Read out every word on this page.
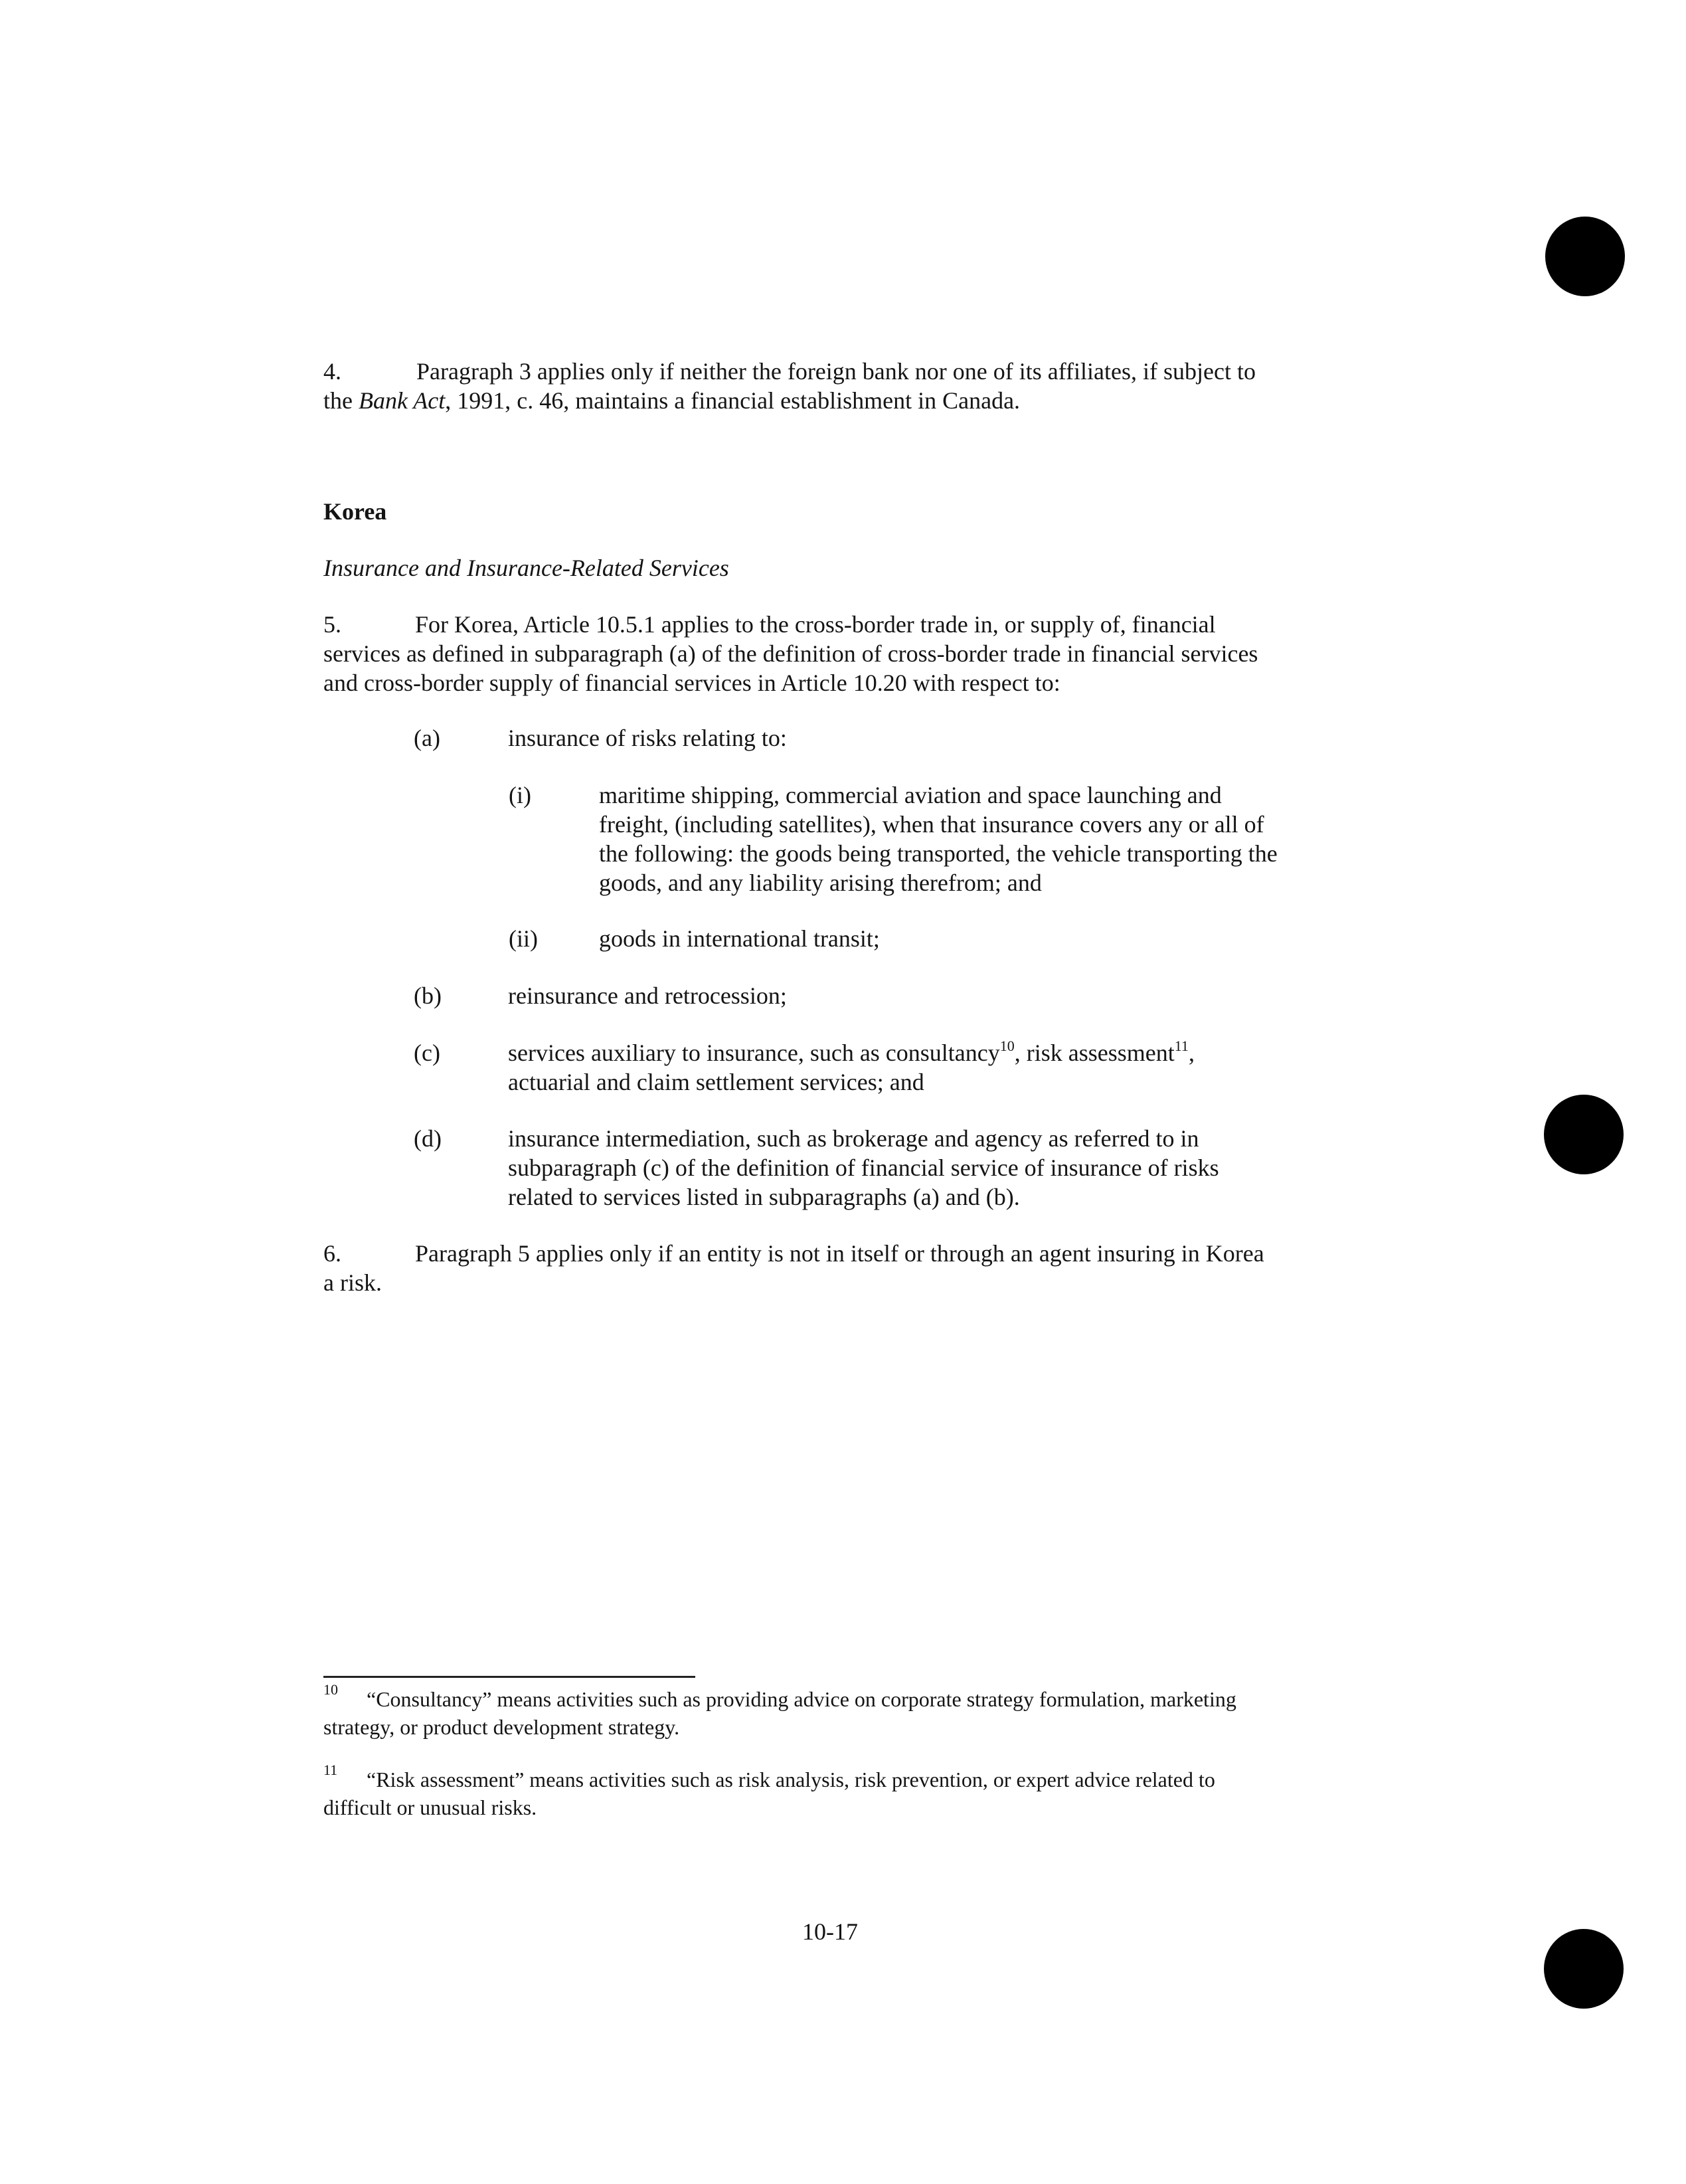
4.	Paragraph 3 applies only if neither the foreign bank nor one of its affiliates, if subject to
the Bank Act, 1991, c. 46, maintains a financial establishment in Canada.
Korea
Insurance and Insurance-Related Services
5.	For Korea, Article 10.5.1 applies to the cross-border trade in, or supply of, financial
services as defined in subparagraph (a) of the definition of cross-border trade in financial services
and cross-border supply of financial services in Article 10.20 with respect to:
(a)	insurance of risks relating to:
(i)	maritime shipping, commercial aviation and space launching and
freight, (including satellites), when that insurance covers any or all of
the following: the goods being transported, the vehicle transporting the
goods, and any liability arising therefrom; and
(ii)	goods in international transit;
(b)	reinsurance and retrocession;
(c)	services auxiliary to insurance, such as consultancy$^{10}$, risk assessment$^{11}$,
actuarial and claim settlement services; and
(d)	insurance intermediation, such as brokerage and agency as referred to in
subparagraph (c) of the definition of financial service of insurance of risks
related to services listed in subparagraphs (a) and (b).
6.	Paragraph 5 applies only if an entity is not in itself or through an agent insuring in Korea
a risk.
10 “Consultancy” means activities such as providing advice on corporate strategy formulation, marketing
strategy, or product development strategy.
11 “Risk assessment” means activities such as risk analysis, risk prevention, or expert advice related to
difficult or unusual risks.
10-17
